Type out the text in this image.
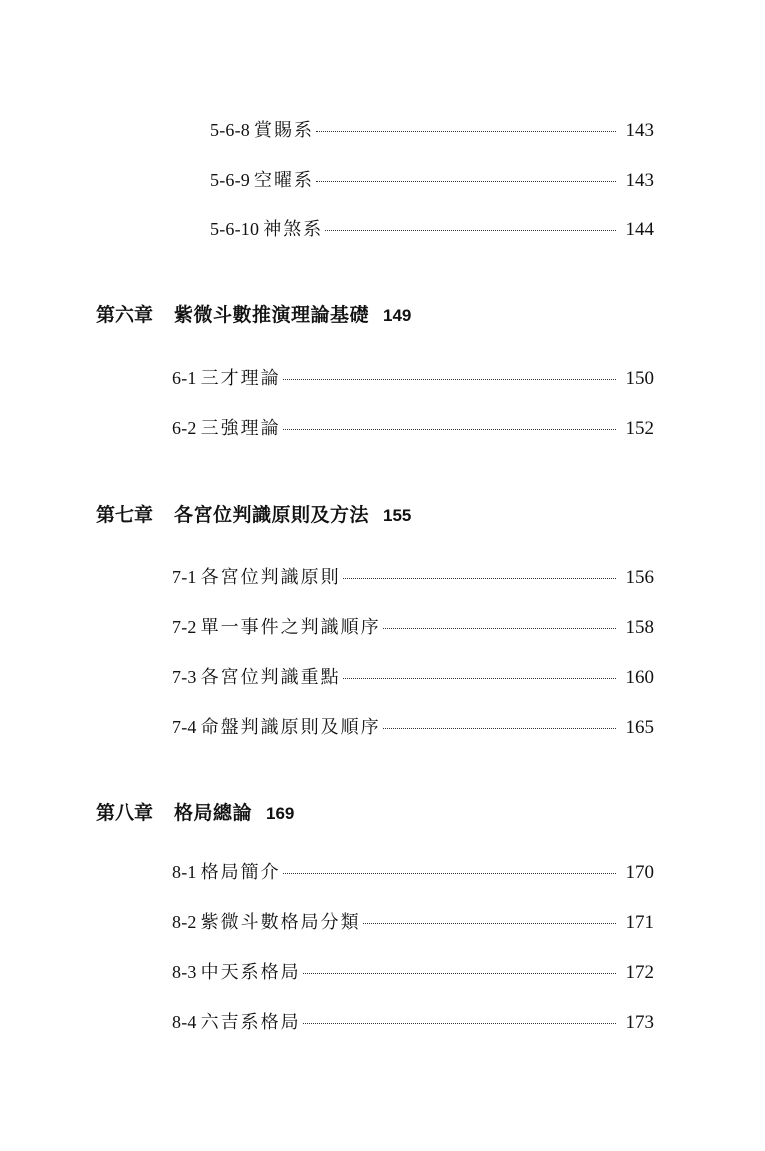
5-6-8 賞賜系	143
5-6-9 空曜系	143
5-6-10 神煞系	144
第六章 紫微斗數推演理論基礎 149
6-1 三才理論	150
6-2 三強理論	152
第七章 各宮位判識原則及方法 155
7-1 各宮位判識原則	156
7-2 單一事件之判識順序	158
7-3 各宮位判識重點	160
7-4 命盤判識原則及順序	165
第八章 格局總論 169
8-1 格局簡介	170
8-2 紫微斗數格局分類	171
8-3 中天系格局	172
8-4 六吉系格局	173
